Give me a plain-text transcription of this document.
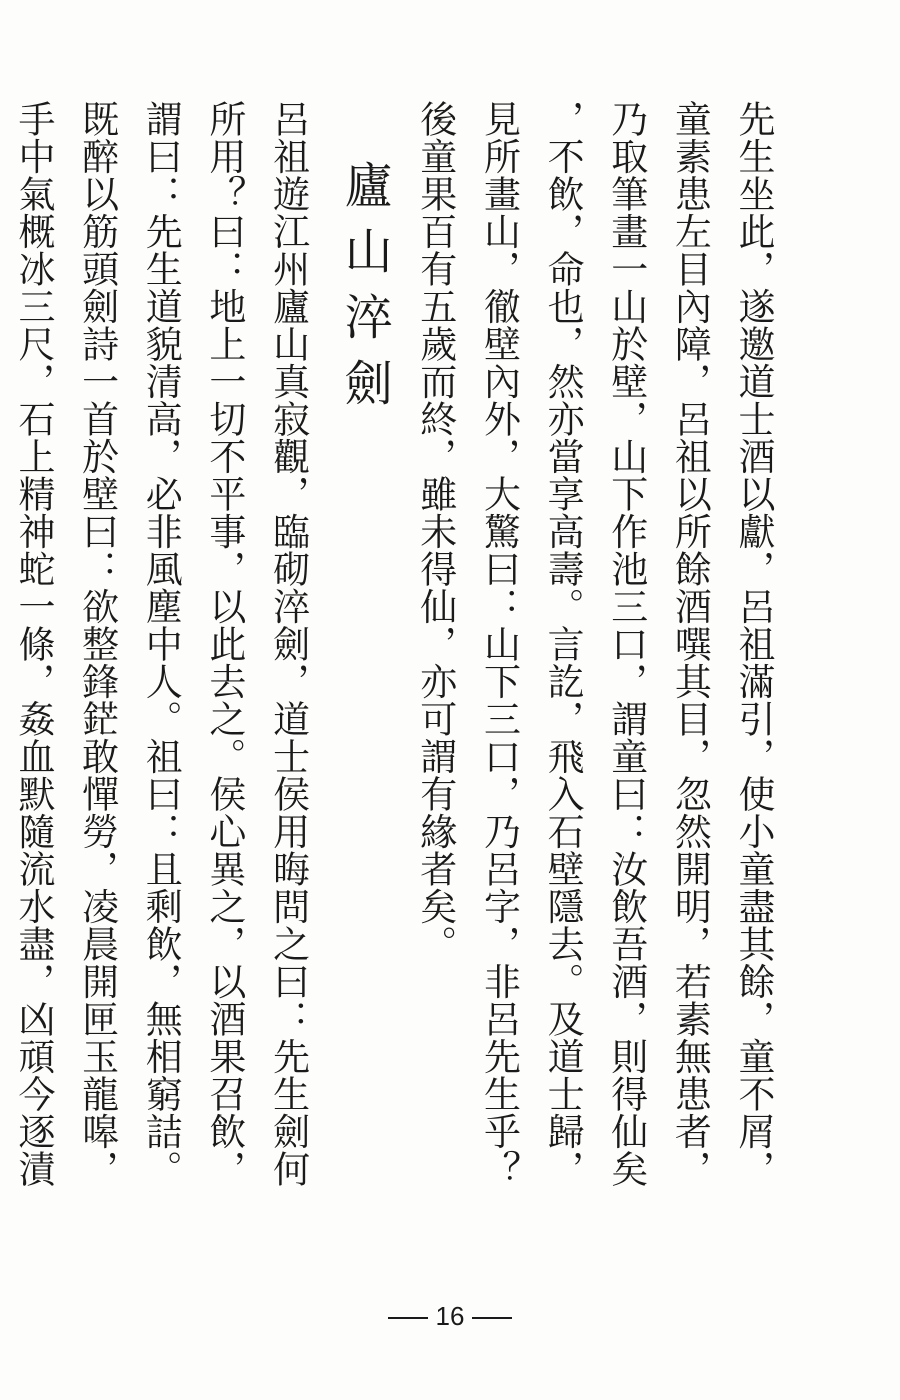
先生坐此，遂邀道士酒以獻，呂祖滿引，使小童盡其餘，童不屑，
童素患左目內障，呂祖以所餘酒噀其目，忽然開明，若素無患者，
乃取筆畫一山於壁，山下作池三口，謂童曰：汝飲吾酒，則得仙矣
，不飲，命也，然亦當享高壽。言訖，飛入石壁隱去。及道士歸，
見所畫山，徹壁內外，大驚曰：山下三口，乃呂字，非呂先生乎？
後童果百有五歲而終，雖未得仙，亦可謂有緣者矣。
廬山淬劍
呂祖遊江州廬山真寂觀，臨砌淬劍，道士侯用晦問之曰：先生劍何
所用？曰：地上一切不平事，以此去之。侯心異之，以酒果召飲，
謂曰：先生道貌清高，必非風塵中人。祖曰：且剩飲，無相窮詰。
既醉以筋頭劍詩一首於壁曰：欲整鋒鋩敢憚勞，凌晨開匣玉龍嗥，
手中氣概冰三尺，石上精神蛇一條，姦血默隨流水盡，凶頑今逐漬
16
